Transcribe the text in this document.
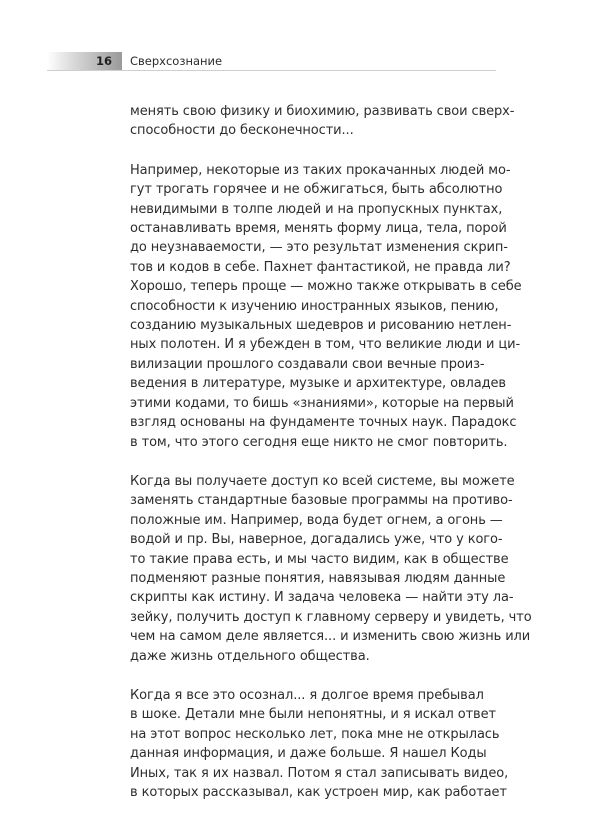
16 Сверхсознание
менять свою физику и биохимию, развивать свои сверх-
способности до бесконечности...
Например, некоторые из таких прокачанных людей мо-
гут трогать горячее и не обжигаться, быть абсолютно
невидимыми в толпе людей и на пропускных пунктах,
останавливать время, менять форму лица, тела, порой
до неузнаваемости, — это результат изменения скрип-
тов и кодов в себе. Пахнет фантастикой, не правда ли?
Хорошо, теперь проще — можно также открывать в себе
способности к изучению иностранных языков, пению,
созданию музыкальных шедевров и рисованию нетлен-
ных полотен. И я убежден в том, что великие люди и ци-
вилизации прошлого создавали свои вечные произ-
ведения в литературе, музыке и архитектуре, овладев
этими кодами, то бишь «знаниями», которые на первый
взгляд основаны на фундаменте точных наук. Парадокс
в том, что этого сегодня еще никто не смог повторить.
Когда вы получаете доступ ко всей системе, вы можете
заменять стандартные базовые программы на противо-
положные им. Например, вода будет огнем, а огонь —
водой и пр. Вы, наверное, догадались уже, что у кого-
то такие права есть, и мы часто видим, как в обществе
подменяют разные понятия, навязывая людям данные
скрипты как истину. И задача человека — найти эту ла-
зейку, получить доступ к главному серверу и увидеть, что
чем на самом деле является... и изменить свою жизнь или
даже жизнь отдельного общества.
Когда я все это осознал... я долгое время пребывал
в шоке. Детали мне были непонятны, и я искал ответ
на этот вопрос несколько лет, пока мне не открылась
данная информация, и даже больше. Я нашел Коды
Иных, так я их назвал. Потом я стал записывать видео,
в которых рассказывал, как устроен мир, как работает
